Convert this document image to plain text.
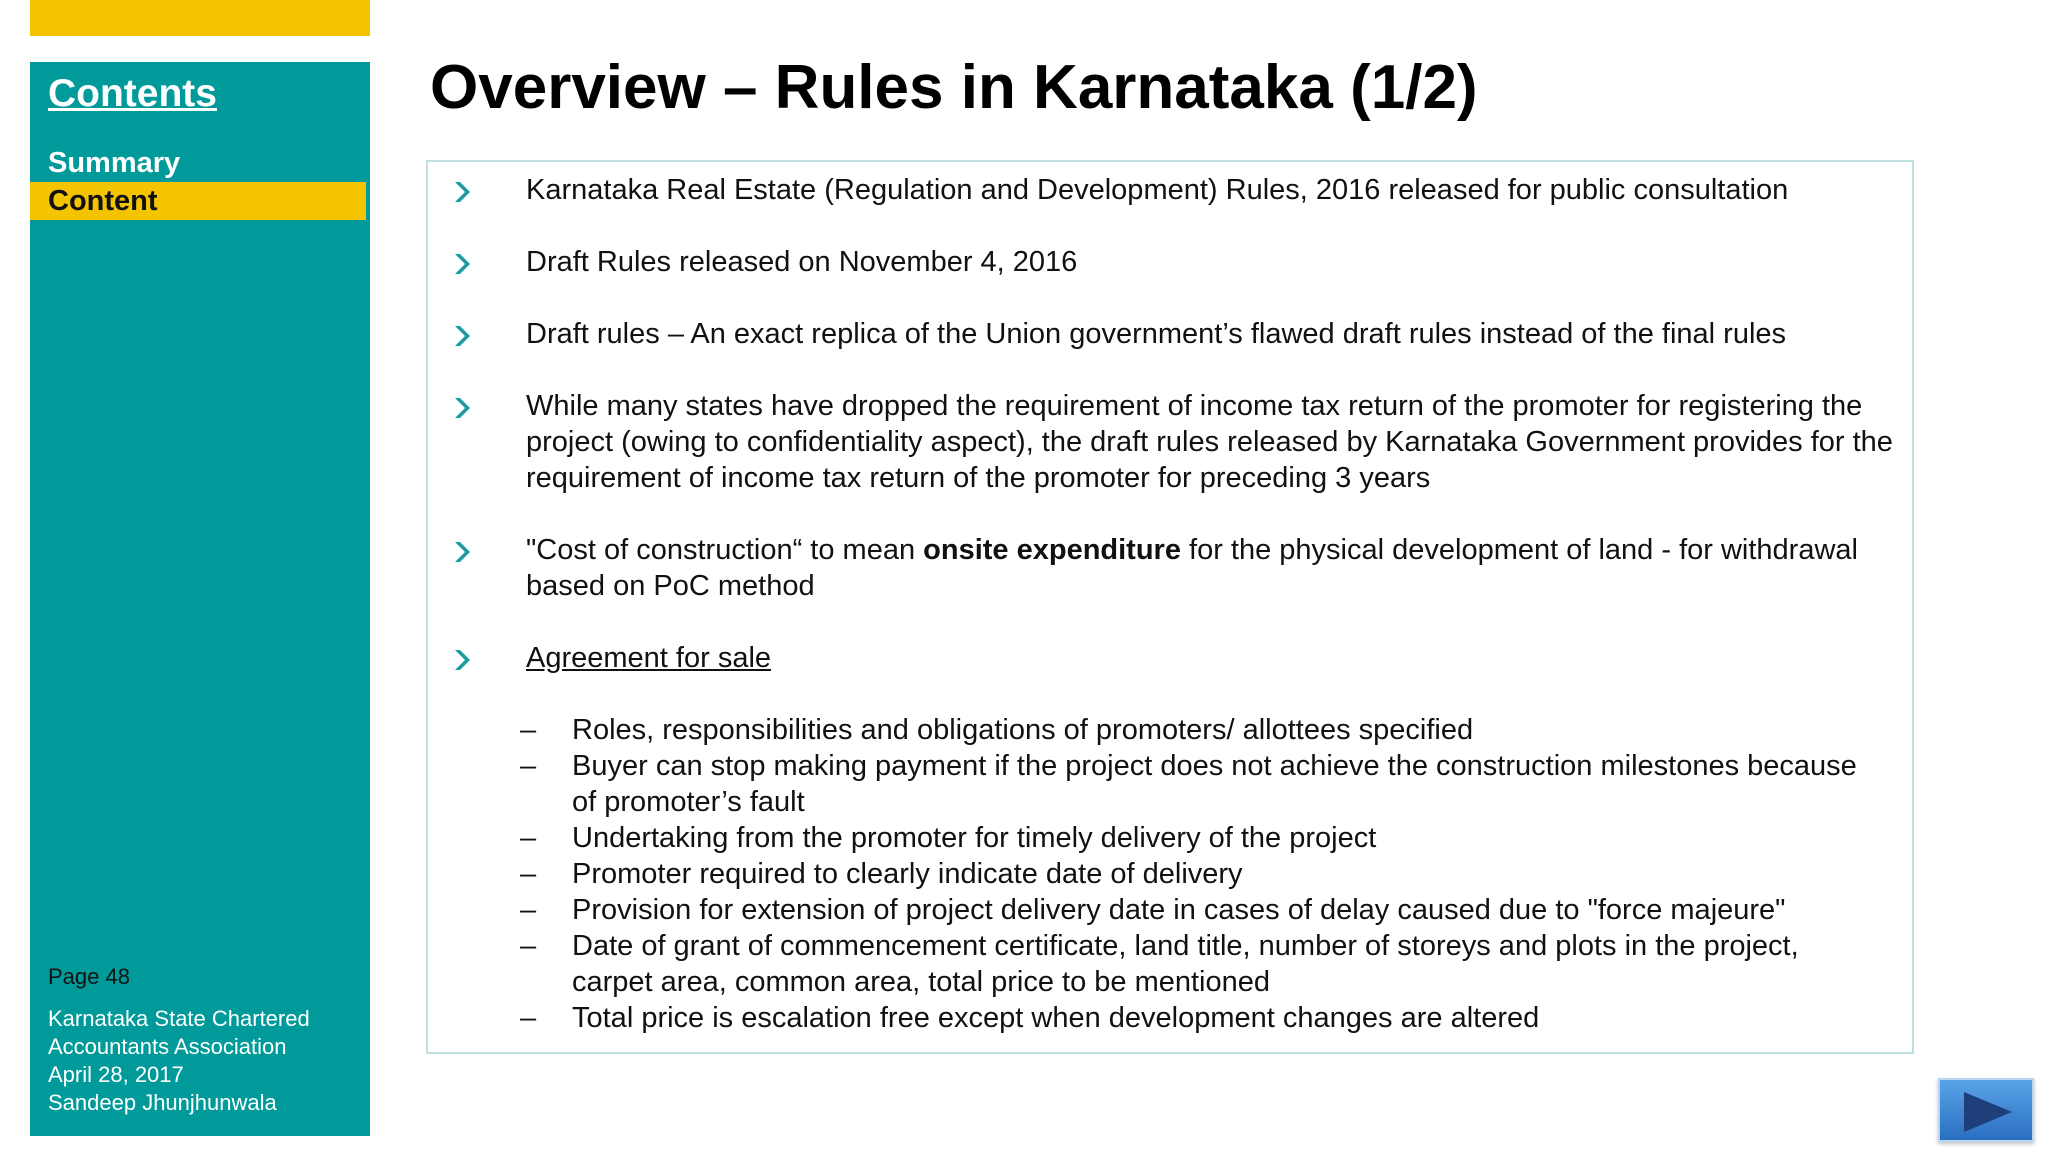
Contents
Summary
Content
Page 48
Karnataka State Chartered
Accountants Association
April 28, 2017
Sandeep Jhunjhunwala
Overview – Rules in Karnataka (1/2)
Karnataka Real Estate (Regulation and Development) Rules, 2016 released for public consultation
Draft Rules released on November 4, 2016
Draft rules – An exact replica of the Union government’s flawed draft rules instead of the final rules
While many states have dropped the requirement of income tax return of the promoter for registering the project (owing to confidentiality aspect), the draft rules released by Karnataka Government provides for the requirement of income tax return of the promoter for preceding 3 years
"Cost of construction“ to mean onsite expenditure for the physical development of land - for withdrawal based on PoC method
Agreement for sale
–	Roles, responsibilities and obligations of promoters/ allottees specified
–	Buyer can stop making payment if the project does not achieve the construction milestones because of promoter’s fault
–	Undertaking from the promoter for timely delivery of the project
–	Promoter required to clearly indicate date of delivery
–	Provision for extension of project delivery date in cases of delay caused due to "force majeure"
–	Date of grant of commencement certificate, land title, number of storeys and plots in the project, carpet area, common area, total price to be mentioned
–	Total price is escalation free except when development changes are altered
